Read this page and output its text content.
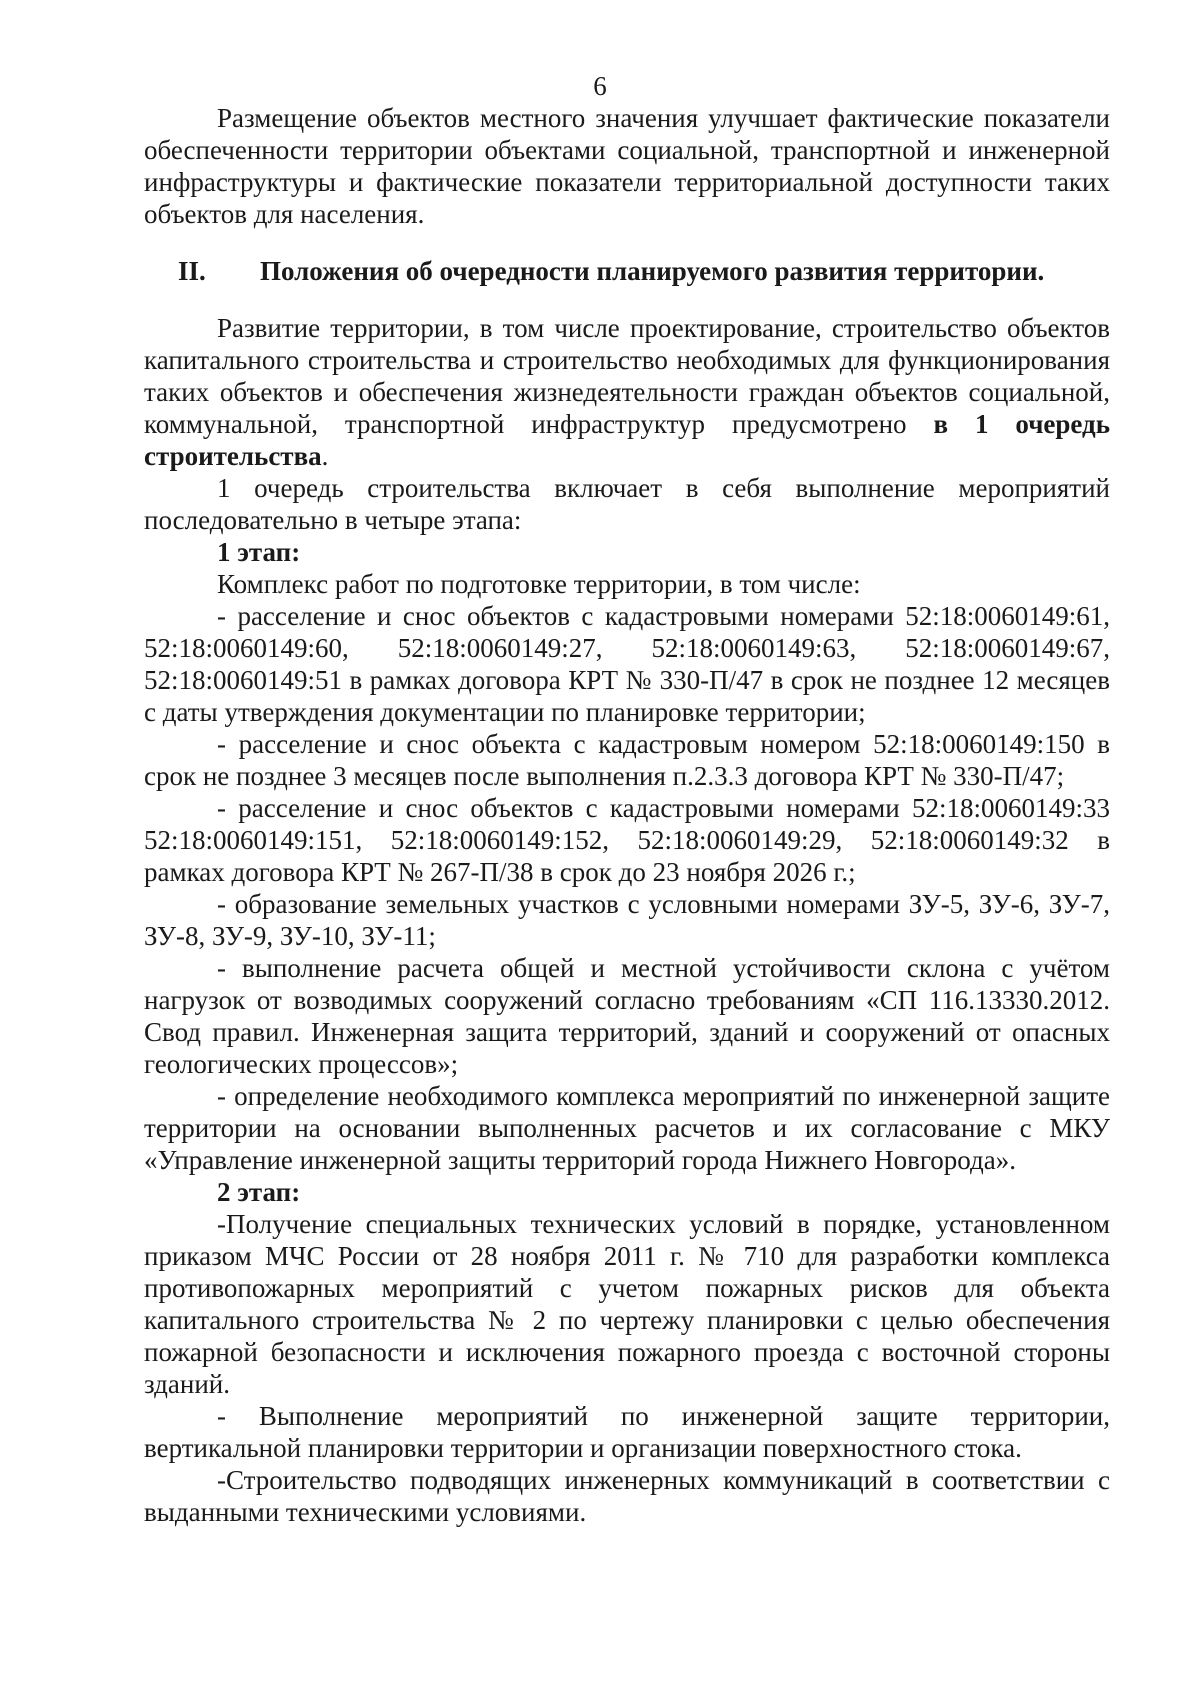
6

Размещение объектов местного значения улучшает фактические показатели обеспеченности территории объектами социальной, транспортной и инженерной инфраструктуры и фактические показатели территориальной доступности таких объектов для населения.

II.	Положения об очередности планируемого развития территории.

Развитие территории, в том числе проектирование, строительство объектов капитального строительства и строительство необходимых для функционирования таких объектов и обеспечения жизнедеятельности граждан объектов социальной, коммунальной, транспортной инфраструктур предусмотрено в 1 очередь строительства.

1 очередь строительства включает в себя выполнение мероприятий последовательно в четыре этапа:

1 этап:

Комплекс работ по подготовке территории, в том числе:

- расселение и снос объектов с кадастровыми номерами 52:18:0060149:61, 52:18:0060149:60, 52:18:0060149:27, 52:18:0060149:63, 52:18:0060149:67, 52:18:0060149:51 в рамках договора КРТ № 330-П/47 в срок не позднее 12 месяцев с даты утверждения документации по планировке территории;

- расселение и снос объекта с кадастровым номером 52:18:0060149:150 в срок не позднее 3 месяцев после выполнения п.2.3.3 договора КРТ № 330-П/47;

- расселение и снос объектов с кадастровыми номерами 52:18:0060149:33 52:18:0060149:151, 52:18:0060149:152, 52:18:0060149:29, 52:18:0060149:32 в рамках договора КРТ № 267-П/38 в срок до 23 ноября 2026 г.;

- образование земельных участков с условными номерами ЗУ-5, ЗУ-6, ЗУ-7, ЗУ-8, ЗУ-9, ЗУ-10, ЗУ-11;

- выполнение расчета общей и местной устойчивости склона с учётом нагрузок от возводимых сооружений согласно требованиям «СП 116.13330.2012. Свод правил. Инженерная защита территорий, зданий и сооружений от опасных геологических процессов»;

- определение необходимого комплекса мероприятий по инженерной защите территории на основании выполненных расчетов и их согласование с МКУ «Управление инженерной защиты территорий города Нижнего Новгорода».

2 этап:

-Получение специальных технических условий в порядке, установленном приказом МЧС России от 28 ноября 2011 г. № 710 для разработки комплекса противопожарных мероприятий с учетом пожарных рисков для объекта капитального строительства № 2 по чертежу планировки с целью обеспечения пожарной безопасности и исключения пожарного проезда с восточной стороны зданий.

- Выполнение мероприятий по инженерной защите территории, вертикальной планировки территории и организации поверхностного стока.

-Строительство подводящих инженерных коммуникаций в соответствии с выданными техническими условиями.
